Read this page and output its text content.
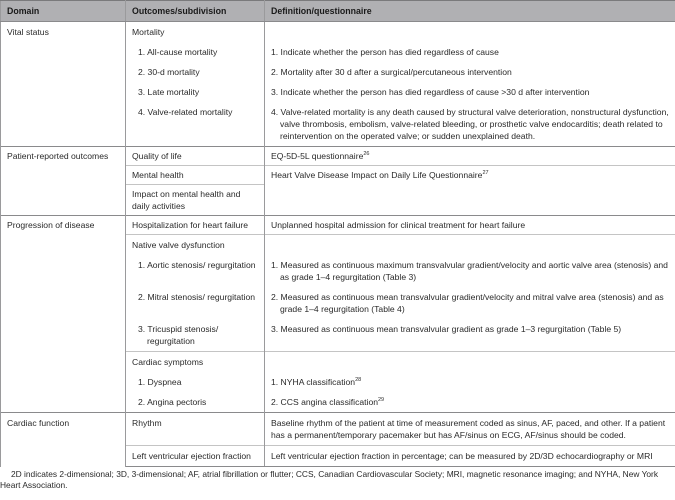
Domain	Outcomes/subdivision	Definition/questionnaire
Vital status	Mortality	

	1. All-cause mortality	1. Indicate whether the person has died regardless of cause

	2. 30-d mortality	2. Mortality after 30 d after a surgical/percutaneous intervention

	3. Late mortality	3. Indicate whether the person has died regardless of cause >30 d after intervention

	4. Valve-related mortality	4. Valve-related mortality is any death caused by structural valve deterioration, nonstructural dysfunction, valve thrombosis, embolism, valve-related bleeding, or prosthetic valve endocarditis; death related to reintervention on the operated valve; or sudden unexplained death.

Patient-reported outcomes	Quality of life	EQ-5D-5L questionnaire$^{26}$
	Mental health	Heart Valve Disease Impact on Daily Life Questionnaire$^{27}$
	Impact on mental health and daily activities	
Progression of disease	Hospitalization for heart failure	Unplanned hospital admission for clinical treatment for heart failure
	Native valve dysfunction	

	1. Aortic stenosis/ regurgitation	1. Measured as continuous maximum transvalvular gradient/velocity and aortic valve area (stenosis) and as grade 1–4 regurgitation (Table 3)

	2. Mitral stenosis/ regurgitation	2. Measured as continuous mean transvalvular gradient/velocity and mitral valve area (stenosis) and as grade 1–4 regurgitation (Table 4)

	3. Tricuspid stenosis/ regurgitation	3. Measured as continuous mean transvalvular gradient as grade 1–3 regurgitation (Table 5)

	Cardiac symptoms	

	1. Dyspnea	1. NYHA classification$^{28}$

	2. Angina pectoris	2. CCS angina classification$^{29}$
Cardiac function	Rhythm	Baseline rhythm of the patient at time of measurement coded as sinus, AF, paced, and other. If a patient has a permanent/temporary pacemaker but has AF/sinus on ECG, AF/sinus should be coded.
	Left ventricular ejection fraction	Left ventricular ejection fraction in percentage; can be measured by 2D/3D echocardiography or MRI
2D indicates 2-dimensional; 3D, 3-dimensional; AF, atrial fibrillation or flutter; CCS, Canadian Cardiovascular Society; MRI, magnetic resonance imaging; and NYHA, New York Heart Association.
